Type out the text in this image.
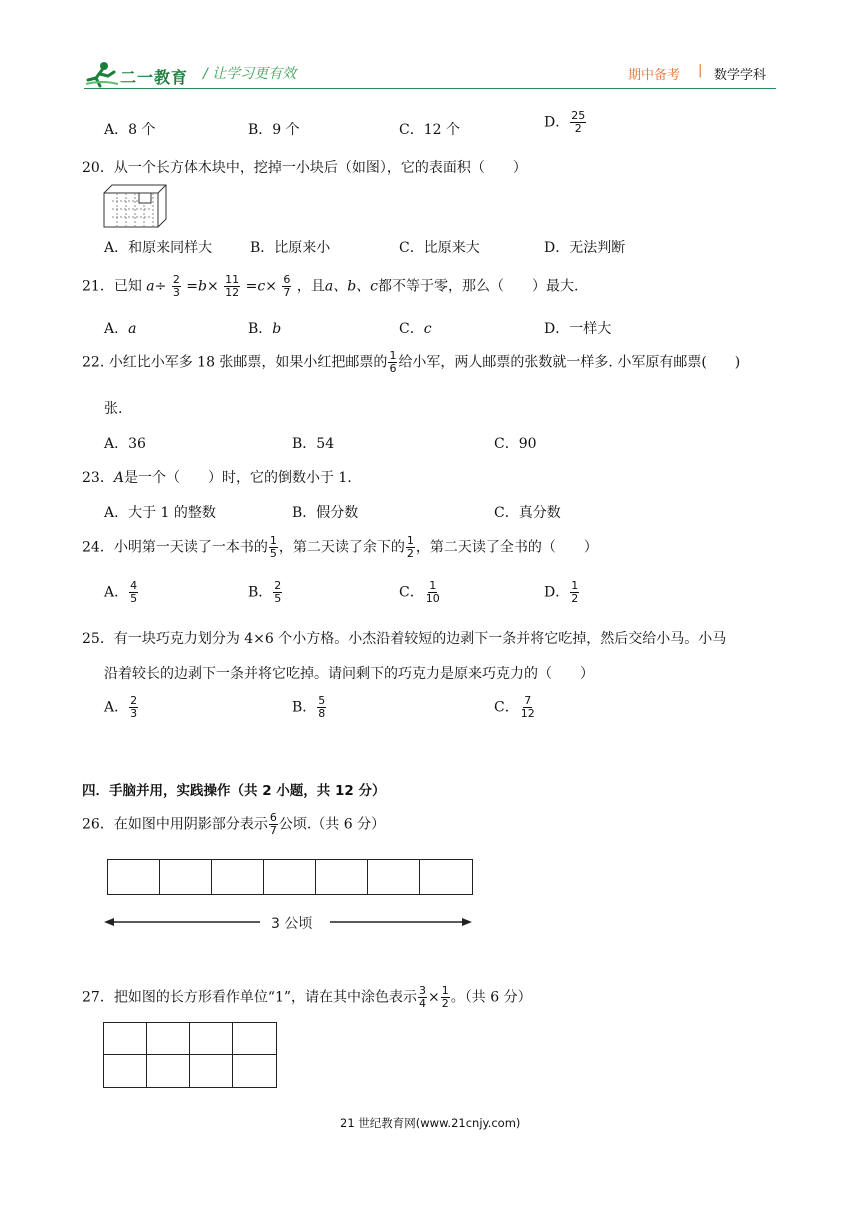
二一教育 / 让学习更有效	期中备考 | 数学学科
A．8 个	B．9 个	C．12 个	D． $\frac{25}{2}$
20．从一个长方体木块中，挖掉一小块后（如图），它的表面积（　　）
A．和原来同样大	B．比原来小	C．比原来大	D．无法判断
21．已知 $a\div \frac{2}{3} =b\times \frac{11}{12} =c\times \frac{6}{7}$ ，且a、b、c都不等于零，那么（　　）最大.
A．a	B．b	C．c	D．一样大
22. 小红比小军多 18 张邮票，如果小红把邮票的 $\frac{1}{6}$ 给小军，两人邮票的张数就一样多. 小军原有邮票(　　)
张.
A．36	B．54	C．90
23．A是一个（　　）时，它的倒数小于 1.
A．大于 1 的整数	B．假分数	C．真分数
24．小明第一天读了一本书的 $\frac{1}{5}$ ，第二天读了余下的 $\frac{1}{2}$ ，第二天读了全书的（　　）
A． $\frac{4}{5}$	B． $\frac{2}{5}$	C． $\frac{1}{10}$	D． $\frac{1}{2}$
25．有一块巧克力划分为 4×6 个小方格。小杰沿着较短的边剥下一条并将它吃掉，然后交给小马。小马
沿着较长的边剥下一条并将它吃掉。请问剩下的巧克力是原来巧克力的（　　）
A． $\frac{2}{3}$	B． $\frac{5}{8}$	C． $\frac{7}{12}$
四．手脑并用，实践操作（共 2 小题，共 12 分）
26．在如图中用阴影部分表示 $\frac{6}{7}$ 公顷.（共 6 分）
3 公顷
27．把如图的长方形看作单位“1”，请在其中涂色表示 $\frac{3}{4} \times \frac{1}{2}$ 。（共 6 分）
21 世纪教育网(www.21cnjy.com)
